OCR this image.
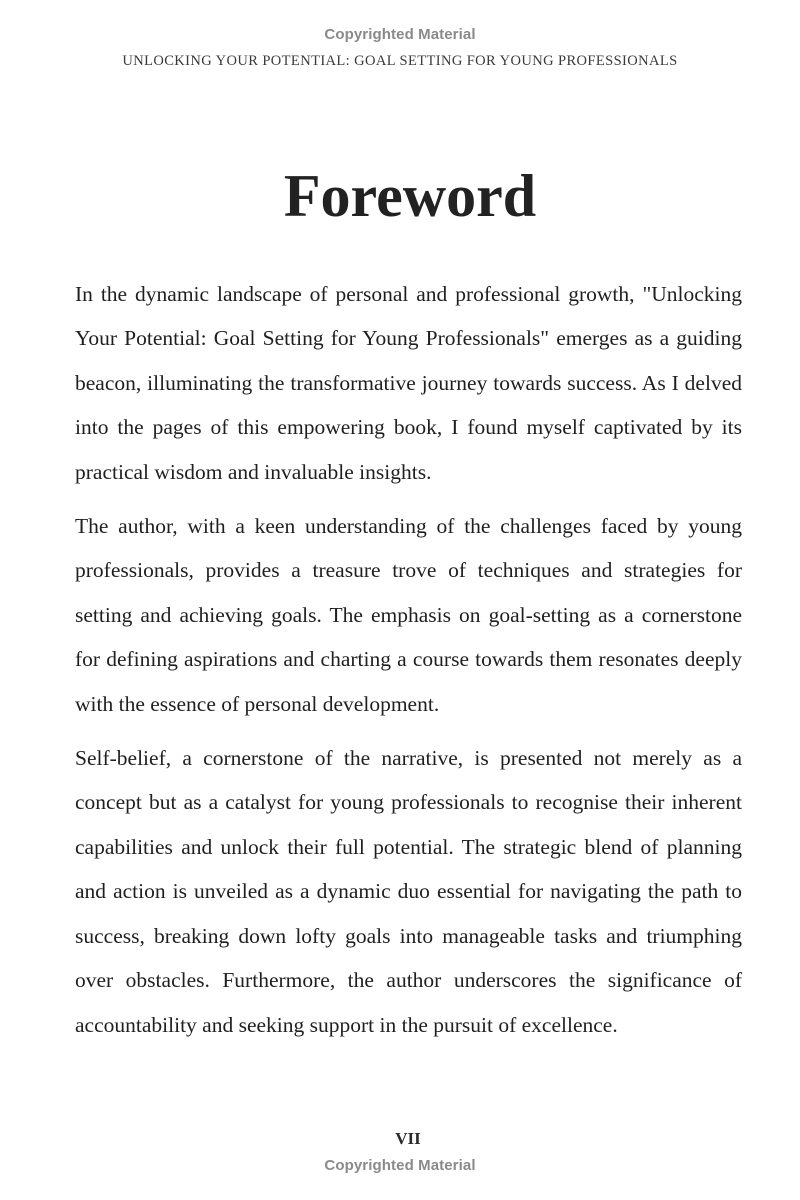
Copyrighted Material
UNLOCKING YOUR POTENTIAL: GOAL SETTING FOR YOUNG PROFESSIONALS
Foreword

In the dynamic landscape of personal and professional growth, "Unlocking Your Potential: Goal Setting for Young Professionals" emerges as a guiding beacon, illuminating the transformative journey towards success. As I delved into the pages of this empowering book, I found myself captivated by its practical wisdom and invaluable insights.

The author, with a keen understanding of the challenges faced by young professionals, provides a treasure trove of techniques and strategies for setting and achieving goals. The emphasis on goal-setting as a cornerstone for defining aspirations and charting a course towards them resonates deeply with the essence of personal development.

Self-belief, a cornerstone of the narrative, is presented not merely as a concept but as a catalyst for young professionals to recognise their inherent capabilities and unlock their full potential. The strategic blend of planning and action is unveiled as a dynamic duo essential for navigating the path to success, breaking down lofty goals into manageable tasks and triumphing over obstacles. Furthermore, the author underscores the significance of accountability and seeking support in the pursuit of excellence.

VII
Copyrighted Material
